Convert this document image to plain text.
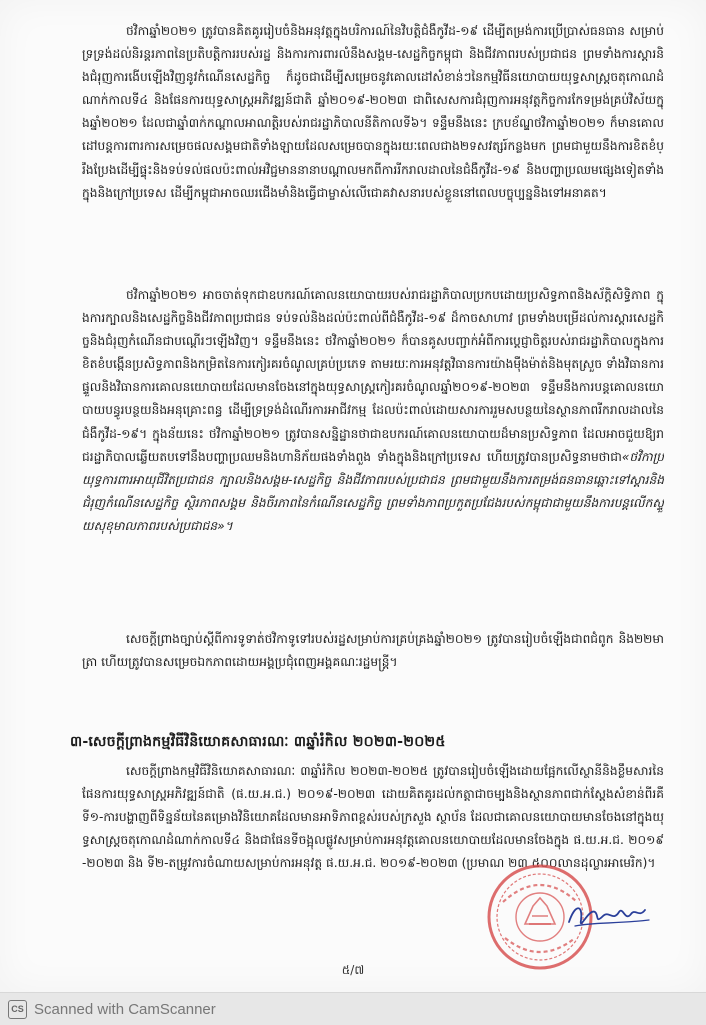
ថវិកាឆ្នាំ២០២១ ត្រូវបានគិតគូររៀបចំនិងអនុវត្តក្នុងបរិការណ៍នៃវិបត្តិជំងឺកូវីដ-១៩ ដើម្បីតម្រង់ការប្រើប្រាស់ធនធាន សម្រាប់ទ្រទ្រង់ដល់និរន្តរភាពនៃប្រតិបត្តិការរបស់រដ្ឋ និងការការពារលំនឹងសង្គម-សេដ្ឋកិច្ចកម្ពុជា និងជីវភាពរបស់ប្រជាជន ព្រមទាំងការស្តារនិងជំរុញការងើបឡើងវិញនូវកំណើនសេដ្ឋកិច្ច ក៏ដូចជាដើម្បីសម្រេចនូវគោលដៅសំខាន់ៗនៃកម្មវិធីនយោបាយយុទ្ធសាស្ត្រចតុកោណដំណាក់កាលទី៤ និងផែនការយុទ្ធសាស្ត្រអភិវឌ្ឍន៍ជាតិ ឆ្នាំ២០១៩-២០២៣ ជាពិសេសការជំរុញការអនុវត្តកិច្ចការកែទម្រង់គ្រប់វិស័យក្នុងឆ្នាំ២០២១ ដែលជាឆ្នាំ៣ក់កណ្តាលអាណត្តិរបស់រាជរដ្ឋាភិបាលនីតិកាលទី៦។ ទន្ទឹមនឹងនេះ ក្របខ័ណ្ឌថវិកាឆ្នាំ២០២១ ក៏មានគោលដៅបន្តការពារការសម្រេចផលសង្គមជាតិទាំងឡាយដែលសម្រេចបានក្នុងរយៈពេលជាង២ទសវត្សរ៍កន្លងមក ព្រមជាមួយនឹងការខិតខំប្រឹងប្រែងដើម្បីផ្ទុះនិងទប់ទល់ផលប៉ះពាល់អវិជ្ជមាននានាបណ្តាលមកពីការរីករាលដាលនៃជំងឺកូវីដ-១៩ និងបញ្ហាប្រឈមផ្សេងទៀតទាំងក្នុងនិងក្រៅប្រទេស ដើម្បីកម្ពុជាអាចឈរជើងមាំនិងធ្វើជាម្ចាស់លើជោគវាសនារបស់ខ្លួននៅពេលបច្ចុប្បន្ននិងទៅអនាគត។

ថវិកាឆ្នាំ២០២១ អាចចាត់ទុកជាឧបករណ៍គោលនយោបាយរបស់រាជរដ្ឋាភិបាលប្រកបដោយប្រសិទ្ធភាពនិងស័ក្តិសិទ្ធិភាព ក្នុងការក្បាលនិងសេដ្ឋកិច្ចនិងជីវភាពប្រជាជន ទប់ទល់និងដល់ប៉ះពាល់ពីជំងឺកូវីដ-១៩ ដ៏កាចសាហាវ ព្រមទាំងបម្រើដល់ការស្តារសេដ្ឋកិច្ចនិងជំរុញកំណើនជាបណ្តើរៗឡើងវិញ។ ទន្ទឹមនឹងនេះ ថវិកាឆ្នាំ២០២១ ក៏បានគូសបញ្ជាក់អំពីការប្តេជ្ញាចិត្តរបស់រាជរដ្ឋាភិបាលក្នុងការខិតខំបង្កើនប្រសិទ្ធភាពនិងកម្រិតនៃការកៀរគរចំណូលគ្រប់ប្រភេទ តាមរយៈការអនុវត្តវិធានការយ៉ាងម៉ឺងម៉ាត់និងមុតស្រួច ទាំងវិធានការផ្ទួលនិងវិធានការគោលនយោបាយដែលមានចែងនៅក្នុងយុទ្ធសាស្ត្រកៀរគរចំណូលឆ្នាំ២០១៩-២០២៣ ទន្ទឹមនឹងការបន្តគោលនយោបាយបន្ធូរបន្ថយនិងអនុគ្រោះពន្ធ ដើម្បីទ្រទ្រង់ដំណើរការអាជីវកម្ម ដែលប៉ះពាល់ដោយសារការរួមសបន្ថយនៃស្ថានភាពរីករាលដាលនៃជំងឺកូវីដ-១៩។ ក្នុងន័យនេះ ថវិកាឆ្នាំ២០២១ ត្រូវបានសន្និដ្ឋានថាជាឧបករណ៍គោលនយោបាយដ៏មានប្រសិទ្ធភាព ដែលអាចជួយឱ្យរាជរដ្ឋាភិបាលឆ្លើយតបទៅនឹងបញ្ហាប្រឈមនិងហានិភ័យផងទាំងពួង ទាំងក្នុងនិងក្រៅប្រទេស ហើយត្រូវបានប្រសិទ្ធនាមថាជា«ថវិកាប្រយុទ្ធការពារអាយុជីវិតប្រជាជន ក្បាលនិងសង្គម-សេដ្ឋកិច្ច និងជីវភាពរបស់ប្រជាជន ព្រមជាមួយនឹងការតម្រង់ធនធានឆ្ពោះទៅស្តារនិងជំរុញកំណើនសេដ្ឋកិច្ច ស្ថិរភាពសង្គម និងចីរភាពនៃកំណើនសេដ្ឋកិច្ច ព្រមទាំងភាពប្រកួតប្រជែងរបស់កម្ពុជាជាមួយនឹងការបន្តលើកស្ទួយសុខុមាលភាពរបស់ប្រជាជន»។

សេចក្តីព្រាងច្បាប់ស្តីពីការទូទាត់ថវិកាទូទៅរបស់រដ្ឋសម្រាប់ការគ្រប់គ្រងឆ្នាំ២០២១ ត្រូវបានរៀបចំឡើងជាពជំពូក និង២២មាត្រា ហើយត្រូវបានសម្រេចឯកភាពដោយអង្គប្រជុំពេញអង្គគណៈរដ្ឋមន្ត្រី។

៣-សេចក្តីព្រាងកម្មវិធីវិនិយោគសាធារណៈ ៣ឆ្នាំរំកិល ២០២៣-២០២៥

សេចក្តីព្រាងកម្មវិធីវិនិយោគសាធារណៈ ៣ឆ្នាំរំកិល ២០២៣-២០២៥ ត្រូវបានរៀបចំឡើងដោយផ្អែកលើស្ថានីនិងខ្លឹមសារនៃផែនការយុទ្ធសាស្ត្រអភិវឌ្ឍន៍ជាតិ (ផ.យ.អ.ជ.) ២០១៩-២០២៣ ដោយគិតគូរដល់កត្តាជាចម្បងនិងស្ថានភាពជាក់ស្តែងសំខាន់ពីរគឺ ទី១-ការបង្ហាញពីទិន្នន័យនៃគម្រោងវិនិយោគដែលមានអាទិភាពខ្ពស់របស់ក្រសួង ស្ថាប័ន ដែលជាគោលនយោបាយមានចែងនៅក្នុងយុទ្ធសាស្ត្រចតុកោណដំណាក់កាលទី៤ និងជាផែនទីចង្អុលផ្លូវសម្រាប់ការអនុវត្តគោលនយោបាយដែលមានចែងក្នុង ផ.យ.អ.ជ. ២០១៩-២០២៣ និង ទី២-តម្រូវការចំណាយសម្រាប់ការអនុវត្ត ផ.យ.អ.ជ. ២០១៩-២០២៣ (ប្រមាណ ២៣ ៥០០លានដុល្លារអាមេរិក)។

៥/៧
CS Scanned with CamScanner
